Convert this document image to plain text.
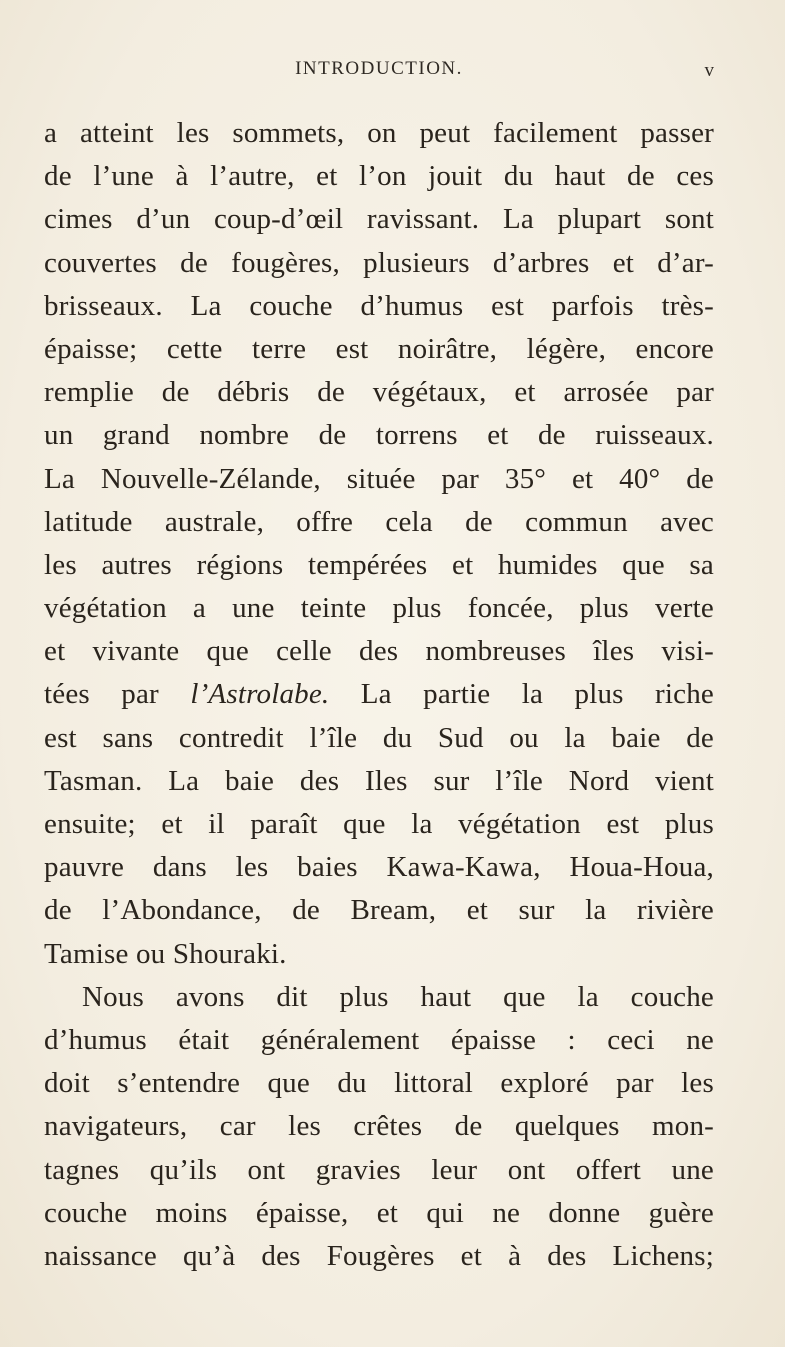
INTRODUCTION.	v
a atteint les sommets, on peut facilement passer
de l’une à l’autre, et l’on jouit du haut de ces
cimes d’un coup-d’œil ravissant. La plupart sont
couvertes de fougères, plusieurs d’arbres et d’ar-
brisseaux. La couche d’humus est parfois très-
épaisse; cette terre est noirâtre, légère, encore
remplie de débris de végétaux, et arrosée par
un grand nombre de torrens et de ruisseaux.
La Nouvelle-Zélande, située par 35° et 40° de
latitude australe, offre cela de commun avec
les autres régions tempérées et humides que sa
végétation a une teinte plus foncée, plus verte
et vivante que celle des nombreuses îles visi-
tées par l’Astrolabe. La partie la plus riche
est sans contredit l’île du Sud ou la baie de
Tasman. La baie des Iles sur l’île Nord vient
ensuite; et il paraît que la végétation est plus
pauvre dans les baies Kawa-Kawa, Houa-Houa,
de l’Abondance, de Bream, et sur la rivière
Tamise ou Shouraki.
Nous avons dit plus haut que la couche
d’humus était généralement épaisse : ceci ne
doit s’entendre que du littoral exploré par les
navigateurs, car les crêtes de quelques mon-
tagnes qu’ils ont gravies leur ont offert une
couche moins épaisse, et qui ne donne guère
naissance qu’à des Fougères et à des Lichens;
